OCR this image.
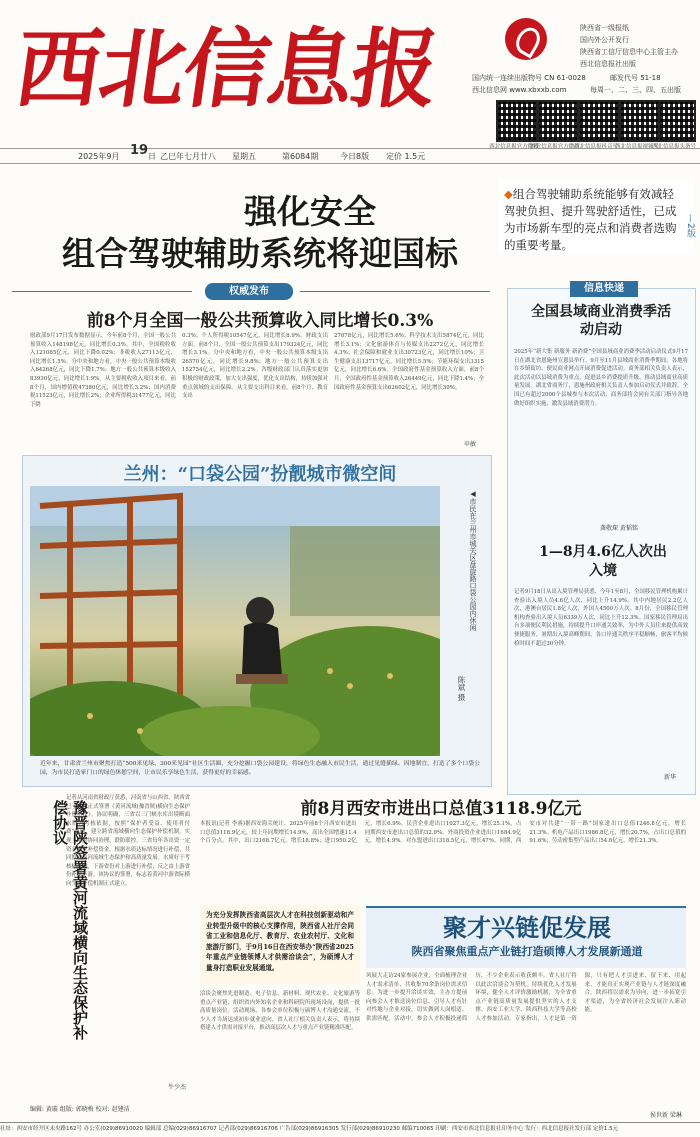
西北信息报	陕西省一级报纸
国内外公开发行
陕西省工信厅信息中心主管主办
西北信息报社出版
国内统一连续出版物号 CN 61-0028	邮发代号 51-18
西北信息网 www.xbxxb.com	每周一、二、三、四、五出版
西北信息报官方微博
西北信息报官方微信
西北信息报抖音号
西北信息报视频号
西北信息报头条号
2025年9月 19 日 乙巳年七月廿八 星期五	第6084期	今日8版 定价 1.5元
强化安全
组合驾驶辅助系统将迎国标
◆组合驾驶辅助系统能够有效减轻驾驶负担、提升驾驶舒适性，已成为市场新车型的亮点和消费者选购的重要考量。
—2版
权威发布
前8个月全国一般公共预算收入同比增长0.3%
财政部9月17日发布数据显示，今年前8个月，全国一般公共预算收入148198亿元，同比增长0.3%。其中，全国税收收入121085亿元，同比下降0.02%；非税收入27113亿元，同比增长1.5%。分中央和地方看，中央一般公共预算本级收入64268亿元，同比下降1.7%；地方一般公共预算本级收入83930亿元，同比增长1.9%。从主要税收收入项目来看，前8个月，国内增值税47380亿元，同比增长3.2%；国内消费税11523亿元，同比增长2%；企业所得税31477亿元，同比下降
0.3%；个人所得税10547亿元，同比增长8.9%。财政支出方面，前8个月，全国一般公共预算支出179324亿元，同比增长3.1%。分中央和地方看，中央一般公共预算本级支出26570亿元，同比增长9.8%；地方一般公共预算支出152754亿元，同比增长2.2%。各级财政部门认真落实更加积极的财政政策，加大支出强度，优化支出结构，持续加强对重点领域的支出保障。从主要支出科目来看，前8个月，教育支出
27078亿元，同比增长5.6%；科学技术支出5874亿元，同比增长3.1%；文化旅游体育与传媒支出2272亿元，同比增长4.3%；社会保障和就业支出30723亿元，同比增长10%；卫生健康支出13717亿元，同比增长5.5%；节能环保支出3315亿元，同比增长6.6%。全国政府性基金预算收入方面，前8个月，全国政府性基金预算收入26449亿元，同比下降1.4%；全国政府性基金预算支出62602亿元，同比增长30%。
申敏
兰州：“口袋公园”扮靓城市微空间
◀市民在兰州市城关区盘旋路口袋公园内休闲
陈斌 摄
近年来，甘肃省兰州市聚焦打造“500米见绿、300米见园”社区生活圈，充分挖掘口袋公园建设，将绿色生态融入市民生活，通过见缝插绿、因地制宜，打造了多个口袋公园，为市民打造家门口的绿色休憩空间，让市民乐享绿色生活，获得更好的幸福感。
信息快递
全国县域商业消费季活动启动
2025年“新大集 新服务 新消费”全国县域商业消费季活动启动仪式9月17日在湖北省恩施州宣恩县举行。9月至11月县域商业消费季期间，各地将在乡镇街坊、便民商业网点开展消费促进活动。商务部相关负责人表示，此次活动以县域消费为重点，促进县乡消费提质升级，推动县域商业高质量发展。湖北省商务厅、恩施州政府相关负责人参加启动仪式并致辞。全国已有超过2000个县城参与本次活动，商务部将会同有关部门指导各地做好组织实施，激发县域消费潜力。
龚敬琛 黄韬铭
1—8月4.6亿人次出入境
记者9月18日从出入境管理局获悉，今年1至8月，全国移民管理机构累计查验出入境人员4.6亿人次，同比上升14.9%。其中内地居民2.2亿人次，港澳台居民1.8亿人次，外国人4500万人次。8月份，全国移民管理机构查验出入境人员6339万人次，同比上升12.3%。国家移民管理局出台多项便民利民措施，持续提升口岸通关效率，为中外人员往来提供高效便捷服务。暑期出入境高峰期间，各口岸通关秩序平稳顺畅，旅客平均候检时间不超过30分钟。
新华
豫晋陕签署黄河流域横向生态保护补偿协议
记者从河南省财政厅获悉，河南省与山西省、陕西省已于近日正式签署《黄河流域(豫晋陕)横向生态保护补偿协议》。协议明确，三省以三门峡水库出境断面水质为考核依据，按照“保护者受益、使用者付费”原则，建立跨省流域横向生态保护补偿机制，实现上下游协同治理、联防联控。三省每年各出资一定资金设立补偿资金，根据水质达标情况进行补偿，共同推动黄河流域生态保护和高质量发展。水质好于考核标准时，下游省份对上游进行补偿；反之由上游省份补偿下游。该协议的签署，标志着黄河中游省际横向生态补偿机制正式建立。
牛少杰
编辑: 黄璇 组版: 郭晓梅 校对: 赵建洁
前8月西安市进出口总值3118.9亿元
本报讯(记者 李睿)据西安海关统计，2025年前8个月西安市进出口总值3118.9亿元，较上年同期增长14.9%，高出全国增速11.4个百分点。其中，出口2168.7亿元，增长18.8%；进口950.2亿元，增长6.9%。民营企业进出口1027.3亿元，增长25.1%，占同期西安市进出口总值的32.9%。外商投资企业进出口1684.9亿元，增长4.9%。对东盟进出口318.5亿元，增长47%。同期，西安市对共建“一带一路”国家进出口总值1246.8亿元，增长21.3%。机电产品出口1986.8亿元，增长20.7%，占出口总值的91.6%；劳动密集型产品出口54.6亿元，增长21.3%。
为充分发挥陕西省高层次人才在科技创新驱动和产业转型升级中的核心支撑作用，陕西省人社厅会同省工业和信息化厅、教育厅、农业农村厅、文化和旅游厅部门，于9月16日在西安举办“陕西省2025年重点产业链领博人才供需洽谈会”，为硕博人才量身打造职业发展通道。
洽谈会聚焦先进制造、电子信息、新材料、现代农业、文化旅游等重点产业链，组织省内外知名企业和科研院所现场设岗，提供一批高质量岗位。活动现场，各参会单位积极与硕博人才沟通交流，不少人才当场达成初步就业意向。省人社厅相关负责人表示，将持续搭建人才供需对接平台，推动高层次人才与重点产业链精准匹配。
聚才兴链促发展
陕西省聚焦重点产业链打造硕博人才发展新通道
风展大走访24家参展企业，全面梳理企业人才需求清单，共收集70余条岗位需求信息。为进一步提升洽谈实效，主办方提前向参会人才推送岗位信息，引导人才有针对性地与企业对接，切实做到人岗相适、供需匹配。活动中，参会人才积极投递简历，不少企业表示收获颇丰。省人社厅将以此次洽谈会为契机，持续优化人才发展环境，健全人才评价激励机制，为全省重点产业链高质量发展提供坚实的人才支撑。西安工业大学、陕西科技大学等高校人才参加活动。专家指出，人才是第一资源，只有把人才引进来、留下来、用起来，才能真正实现产业链与人才链深度融合。陕西将以需求为导向，进一步拓宽引才渠道，为全省经济社会发展注入新动能。
侯世新 梁琳
社址：西安市经开区未央路162号 办公室(029)86910020 编辑部 总编(029)86916707 记者部(029)86916706 广告部(029)86916305 发行部(029)86910230 邮编710065 印刷：西安市西北信息报社印务中心 发行：西北信息报社发行部 定价1.5元
